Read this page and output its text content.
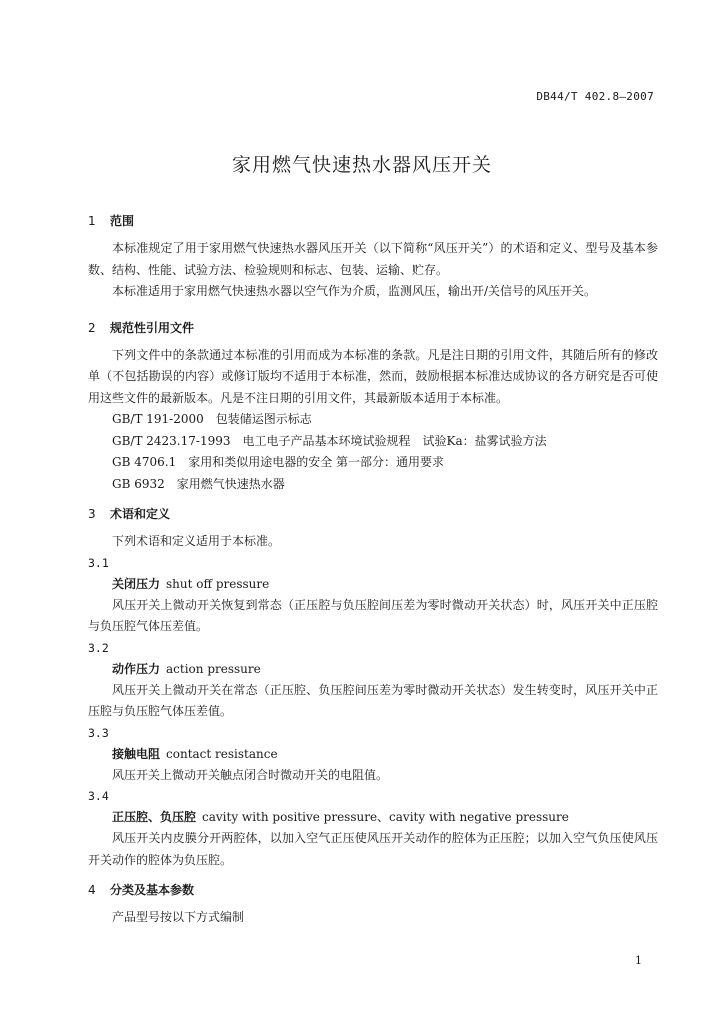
DB44/T 402.8—2007
家用燃气快速热水器风压开关
1 范围

本标准规定了用于家用燃气快速热水器风压开关（以下简称“风压开关”）的术语和定义、型号及基本参数、结构、性能、试验方法、检验规则和标志、包装、运输、贮存。

本标准适用于家用燃气快速热水器以空气作为介质，监测风压，输出开/关信号的风压开关。

2 规范性引用文件

下列文件中的条款通过本标准的引用而成为本标准的条款。凡是注日期的引用文件，其随后所有的修改单（不包括勘误的内容）或修订版均不适用于本标准，然而，鼓励根据本标准达成协议的各方研究是否可使用这些文件的最新版本。凡是不注日期的引用文件，其最新版本适用于本标准。

GB/T 191-2000　包装储运图示标志

GB/T 2423.17-1993　电工电子产品基本环境试验规程　试验Ka：盐雾试验方法

GB 4706.1　家用和类似用途电器的安全 第一部分：通用要求

GB 6932　家用燃气快速热水器

3 术语和定义

下列术语和定义适用于本标准。

3.1

关闭压力 shut off pressure

风压开关上微动开关恢复到常态（正压腔与负压腔间压差为零时微动开关状态）时，风压开关中正压腔与负压腔气体压差值。

3.2

动作压力 action pressure

风压开关上微动开关在常态（正压腔、负压腔间压差为零时微动开关状态）发生转变时，风压开关中正压腔与负压腔气体压差值。

3.3

接触电阻 contact resistance

风压开关上微动开关触点闭合时微动开关的电阻值。

3.4

正压腔、负压腔 cavity with positive pressure、cavity with negative pressure

风压开关内皮膜分开两腔体，以加入空气正压使风压开关动作的腔体为正压腔；以加入空气负压使风压开关动作的腔体为负压腔。

4 分类及基本参数

产品型号按以下方式编制

1
